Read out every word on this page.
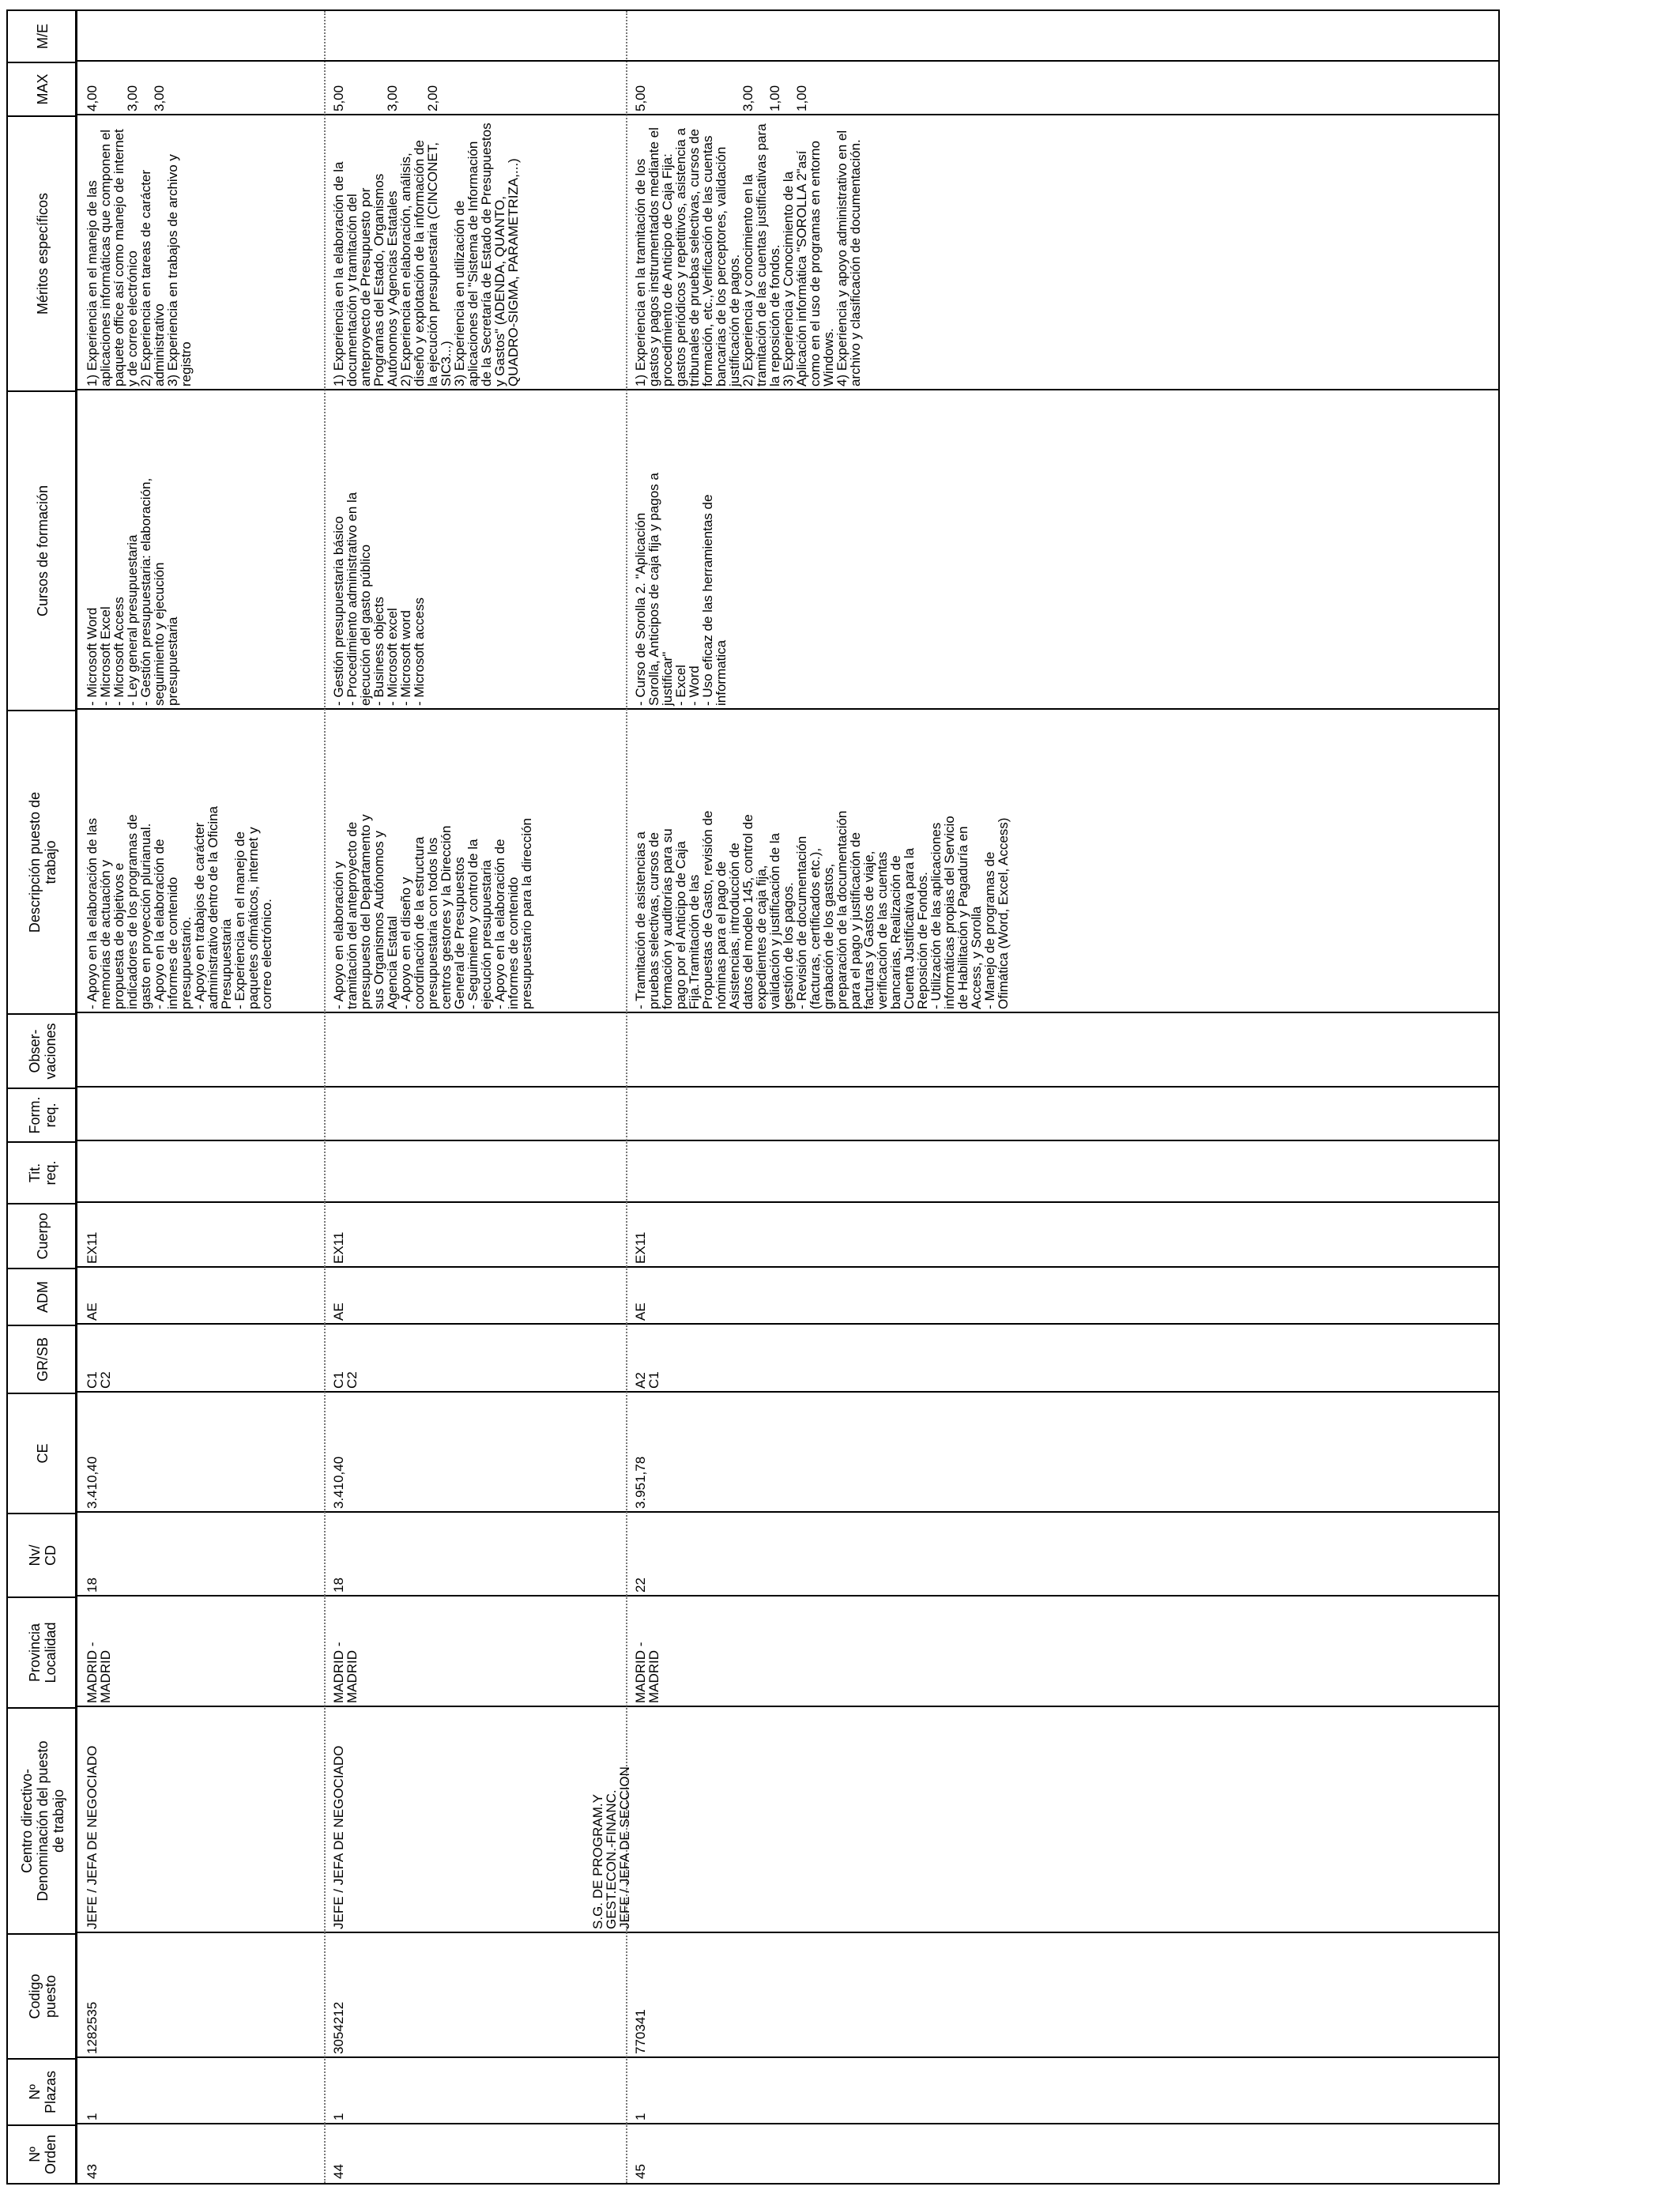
Nº
Orden
Nº
Plazas
Codigo
puesto
Centro directivo-
Denominación del puesto
de trabajo
Provincia
Localidad
Nv/
CD
CE
GR/SB
ADM
Cuerpo
Tit.
req.
Form.
req.
Obser-
vaciones
Descripción puesto de
trabajo
Cursos de formación
Méritos específicos
MAX
M/E
43
1
1282535
JEFE / JEFA DE NEGOCIADO
MADRID -
MADRID
18
3.410,40
C1
C2
AE
EX11
- Apoyo en la elaboración de las
memorias de actuación y
propuesta de objetivos e
indicadores de los programas de
gasto en proyección plurianual.
- Apoyo en la elaboración de
informes de contenido
presupuestario.
- Apoyo en trabajos de carácter
administrativo dentro de la Oficina
Presupuestaria
- Experiencia en el manejo de
paquetes ofimáticos, internet y
correo electrónico.
- Microsoft Word
- Microsoft Excel
- Microsoft Access
- Ley general presupuestaria
- Gestión presupuestaria: elaboración,
seguimiento y ejecución
presupuestaria
1) Experiencia en el manejo de las
aplicaciones informáticas que componen el
paquete office así como manejo de internet
y de correo electrónico
2) Experiencia en tareas de carácter
administrativo
3) Experiencia en trabajos de archivo y
registro
4,00

3,00

3,00
44
1
3054212
JEFE / JEFA DE NEGOCIADO
MADRID -
MADRID
18
3.410,40
C1
C2
AE
EX11
- Apoyo en elaboración y
tramitación del anteproyecto de
presupuesto del Departamento y
sus Organismos Autónomos y
Agencia Estatal
- Apoyo en el diseño y
coordinación de la estructura
presupuestaria con todos los
centros gestores y la Dirección
General de Presupuestos
- Seguimiento y control de la
ejecución presupuestaria
- Apoyo en la elaboración de
informes de contenido
presupuestario para la dirección
- Gestión presupuestaria básico
- Procedimiento administrativo en la
ejecución del gasto público
- Business objects
- Microsoft excel
- Microsoft word
- Microsoft access
1) Experiencia en la elaboración de la
documentación y tramitación del
anteproyecto de Presupuesto por
Programas del Estado, Organismos
Autónomos y Agencias Estatales
2) Experiencia en elaboración, análisis,
diseño y explotación de la información de
la ejecución presupuestaria (CINCONET,
SIC3...)
3) Experiencia en utilización de
aplicaciones del "Sistema de Información
de la Secretaría de Estado de Presupuestos
y Gastos" (ADENDA, QUANTO,
QUADRO-SIGMA, PARAMETRIZA,...)
5,00

3,00

2,00
45
1
770341
S.G. DE PROGRAM.Y
GEST.ECON.-FINANC.
JEFE / JEFA DE SECCION
MADRID -
MADRID
22
3.951,78
A2
C1
AE
EX11
- Tramitación de asistencias a
pruebas selectivas, cursos de
formación y auditorías para su
pago por el Anticipo de Caja
Fija.Tramitación de las
Propuestas de Gasto, revisión de
nóminas para el pago de
Asistencias, introducción de
datos del modelo 145, control de
expedientes de caja fija,
validación y justificación de la
gestión de los pagos.
- Revisión de documentación
(facturas, certificados etc.),
grabación de los gastos,
preparación de la documentación
para el pago y justificación de
facturas y Gastos de viaje,
verificación de las cuentas
bancarias, Realización de
Cuenta Justificativa para la
Reposición de Fondos.
- Utilización de las aplicaciones
informáticas propias del Servicio
de Habilitación y Pagaduría en
Access, y Sorolla
- Manejo de programas de
Ofimática (Word, Excel, Access)
- Curso de Sorolla 2. "Aplicación
Sorolla, Anticipos de caja fija y pagos a
justificar"
- Excel
- Word
- Uso eficaz de las herramientas de
informatica
1) Experiencia en la tramitación de los
gastos y pagos instrumentados mediante el
procedimiento de Anticipo de Caja Fija:
gastos periódicos y repetitivos, asistencia a
tribunales de pruebas selectivas, cursos de
formación, etc.,Verificación de las cuentas
bancarias de los perceptores, validación
justificación de pagos.
2) Experiencia y conocimiento en la
tramitación de las cuentas justificativas para
la reposición de fondos.
3) Experiencia y Conocimiento de la
Aplicación informática "SOROLLA 2"así
como en el uso de programas en entorno
Windows.
4) Experiencia y apoyo administrativo en el
archivo y clasificación de documentación.
5,00

3,00

1,00

1,00
